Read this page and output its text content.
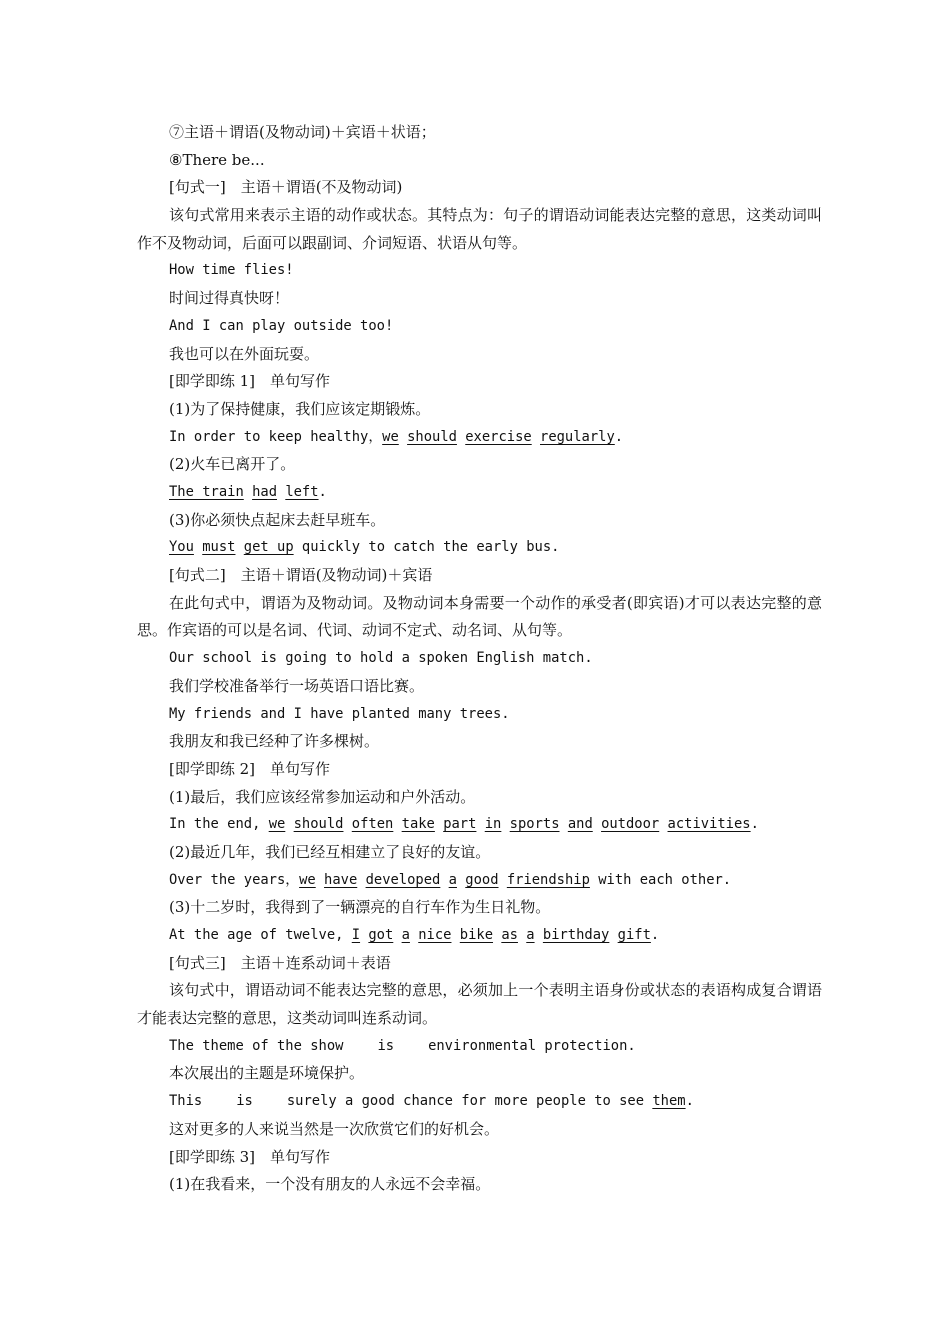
⑦主语＋谓语(及物动词)＋宾语＋状语；
⑧There be...
[句式一]　主语＋谓语(不及物动词)
该句式常用来表示主语的动作或状态。其特点为：句子的谓语动词能表达完整的意思，这类动词叫作不及物动词，后面可以跟副词、介词短语、状语从句等。
How time flies!
时间过得真快呀！
And I can play outside too!
我也可以在外面玩耍。
[即学即练 1]　单句写作
(1)为了保持健康，我们应该定期锻炼。
In order to keep healthy，we should exercise regularly.
(2)火车已离开了。
The train had left.
(3)你必须快点起床去赶早班车。
You must get up quickly to catch the early bus.
[句式二]　主语＋谓语(及物动词)＋宾语
在此句式中，谓语为及物动词。及物动词本身需要一个动作的承受者(即宾语)才可以表达完整的意思。作宾语的可以是名词、代词、动词不定式、动名词、从句等。
Our school is going to hold a spoken English match.
我们学校准备举行一场英语口语比赛。
My friends and I have planted many trees.
我朋友和我已经种了许多棵树。
[即学即练 2]　单句写作
(1)最后，我们应该经常参加运动和户外活动。
In the end, we should often take part in sports and outdoor activities.
(2)最近几年，我们已经互相建立了良好的友谊。
Over the years，we have developed a good friendship with each other.
(3)十二岁时，我得到了一辆漂亮的自行车作为生日礼物。
At the age of twelve, I got a nice bike as a birthday gift.
[句式三]　主语＋连系动词＋表语
该句式中，谓语动词不能表达完整的意思，必须加上一个表明主语身份或状态的表语构成复合谓语才能表达完整的意思，这类动词叫连系动词。
The theme of the show is environmental protection.
本次展出的主题是环境保护。
This is surely a good chance for more people to see them.
这对更多的人来说当然是一次欣赏它们的好机会。
[即学即练 3]　单句写作
(1)在我看来，一个没有朋友的人永远不会幸福。
